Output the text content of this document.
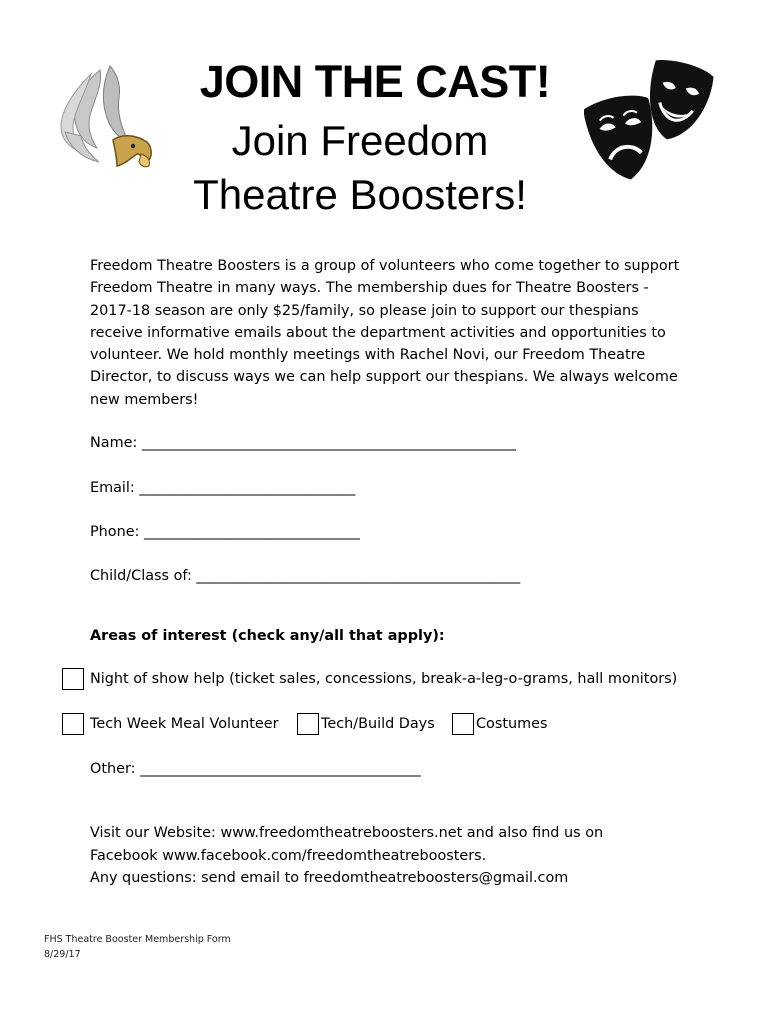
JOIN THE CAST!
Join Freedom
Theatre Boosters!
Freedom Theatre Boosters is a group of volunteers who come together to support
Freedom Theatre in many ways. The membership dues for Theatre Boosters -
2017-18 season are only $25/family, so please join to support our thespians
receive informative emails about the department activities and opportunities to
volunteer. We hold monthly meetings with Rachel Novi, our Freedom Theatre
Director, to discuss ways we can help support our thespians. We always welcome
new members!
Name: ____________________________________________________
Email: ______________________________
Phone: ______________________________
Child/Class of: _____________________________________________
Areas of interest (check any/all that apply):
Night of show help (ticket sales, concessions, break-a-leg-o-grams, hall monitors)
Tech Week Meal Volunteer	Tech/Build Days	Costumes
Other: _______________________________________
Visit our Website: www.freedomtheatreboosters.net and also find us on
Facebook www.facebook.com/freedomtheatreboosters.
Any questions: send email to freedomtheatreboosters@gmail.com
FHS Theatre Booster Membership Form
8/29/17
